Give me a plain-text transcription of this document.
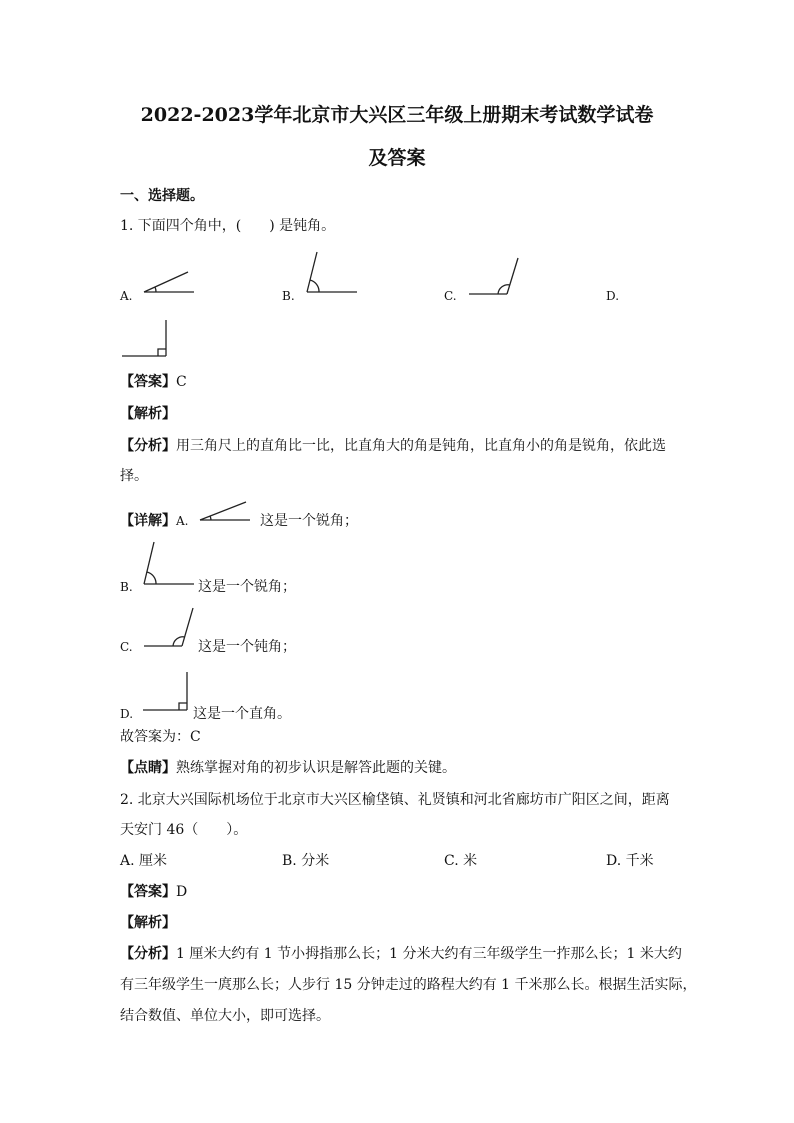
2022-2023学年北京市大兴区三年级上册期末考试数学试卷
及答案
一、选择题。
1. 下面四个角中，(　　) 是钝角。
A.	B.	C.	D.
【答案】C
【解析】
【分析】用三角尺上的直角比一比，比直角大的角是钝角，比直角小的角是锐角，依此选
择。
【详解】A.	这是一个锐角；
B.	这是一个锐角；
C.	这是一个钝角；
D.	这是一个直角。
故答案为：C
【点睛】熟练掌握对角的初步认识是解答此题的关键。
2. 北京大兴国际机场位于北京市大兴区榆垡镇、礼贤镇和河北省廊坊市广阳区之间，距离
天安门 46（　　）。
A. 厘米	B. 分米	C. 米	D. 千米
【答案】D
【解析】
【分析】1 厘米大约有 1 节小拇指那么长；1 分米大约有三年级学生一拃那么长；1 米大约
有三年级学生一庹那么长；人步行 15 分钟走过的路程大约有 1 千米那么长。根据生活实际，
结合数值、单位大小，即可选择。
